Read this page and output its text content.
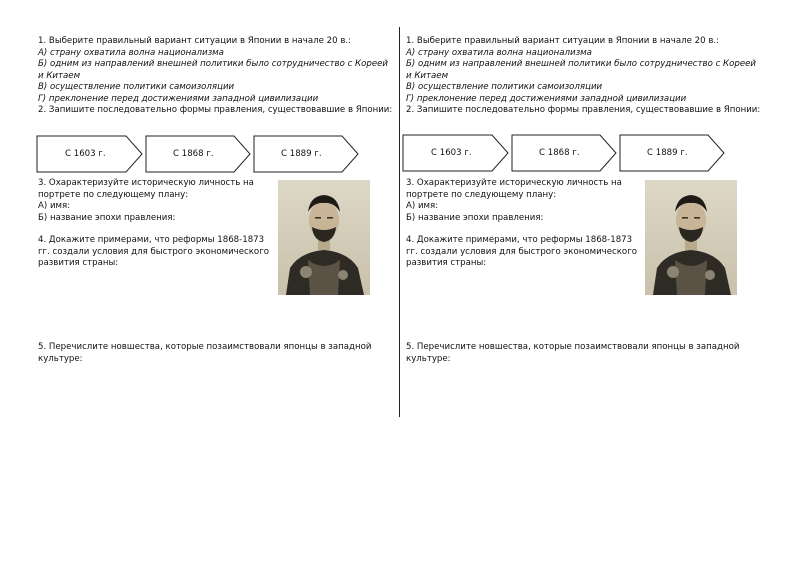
1. Выберите правильный вариант ситуации в Японии в начале 20 в.:
А) страну охватила волна национализма
Б) одним из направлений внешней политики было сотрудничество с Кореей
и Китаем
В) осуществление политики самоизоляции
Г) преклонение перед достижениями западной цивилизации
2. Запишите последовательно формы правления, существовавшие в Японии:
С 1603 г.	С 1868 г.	С 1889 г.
3. Охарактеризуйте историческую личность на
портрете по следующему плану:
А) имя:
Б) название эпохи правления:
4. Докажите примерами, что реформы 1868-1873
гг. создали условия для быстрого экономического
развития страны:
5. Перечислите новшества, которые позаимствовали японцы в западной
культуре:
1. Выберите правильный вариант ситуации в Японии в начале 20 в.:
А) страну охватила волна национализма
Б) одним из направлений внешней политики было сотрудничество с Кореей
и Китаем
В) осуществление политики самоизоляции
Г) преклонение перед достижениями западной цивилизации
2. Запишите последовательно формы правления, существовавшие в Японии:
С 1603 г.	С 1868 г.	С 1889 г.
3. Охарактеризуйте историческую личность на
портрете по следующему плану:
А) имя:
Б) название эпохи правления:
4. Докажите примерами, что реформы 1868-1873
гг. создали условия для быстрого экономического
развития страны:
5. Перечислите новшества, которые позаимствовали японцы в западной
культуре:
